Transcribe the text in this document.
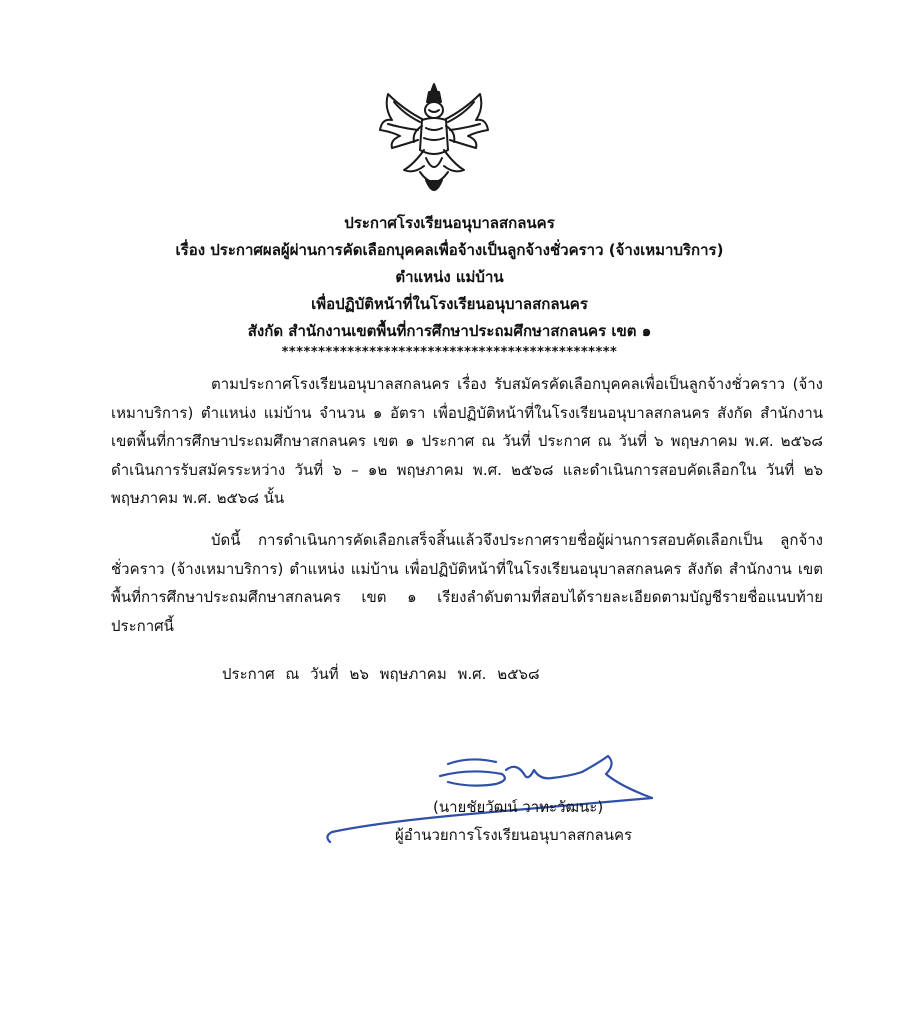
ประกาศโรงเรียนอนุบาลสกลนคร
เรื่อง ประกาศผลผู้ผ่านการคัดเลือกบุคคลเพื่อจ้างเป็นลูกจ้างชั่วคราว (จ้างเหมาบริการ)
ตำแหน่ง แม่บ้าน
เพื่อปฏิบัติหน้าที่ในโรงเรียนอนุบาลสกลนคร
สังกัด สำนักงานเขตพื้นที่การศึกษาประถมศึกษาสกลนคร เขต ๑
**********************************************

ตามประกาศโรงเรียนอนุบาลสกลนคร เรื่อง รับสมัครคัดเลือกบุคคลเพื่อเป็นลูกจ้างชั่วคราว (จ้างเหมาบริการ) ตำแหน่ง แม่บ้าน จำนวน ๑ อัตรา เพื่อปฏิบัติหน้าที่ในโรงเรียนอนุบาลสกลนคร สังกัด สำนักงานเขตพื้นที่การศึกษาประถมศึกษาสกลนคร เขต ๑ ประกาศ ณ วันที่ ประกาศ ณ วันที่ ๖ พฤษภาคม พ.ศ. ๒๕๖๘ ดำเนินการรับสมัครระหว่าง วันที่ ๖ – ๑๒ พฤษภาคม พ.ศ. ๒๕๖๘ และดำเนินการสอบคัดเลือกใน วันที่ ๒๖ พฤษภาคม พ.ศ. ๒๕๖๘ นั้น

บัดนี้ การดำเนินการคัดเลือกเสร็จสิ้นแล้วจึงประกาศรายชื่อผู้ผ่านการสอบคัดเลือกเป็น ลูกจ้างชั่วคราว (จ้างเหมาบริการ) ตำแหน่ง แม่บ้าน เพื่อปฏิบัติหน้าที่ในโรงเรียนอนุบาลสกลนคร สังกัด สำนักงาน เขตพื้นที่การศึกษาประถมศึกษาสกลนคร เขต ๑ เรียงลำดับตามที่สอบได้รายละเอียดตามบัญชีรายชื่อแนบท้าย ประกาศนี้

ประกาศ ณ วันที่ ๒๖ พฤษภาคม พ.ศ. ๒๕๖๘
(นายชัยวัฒน์ วาทะวัฒนะ)
ผู้อำนวยการโรงเรียนอนุบาลสกลนคร
